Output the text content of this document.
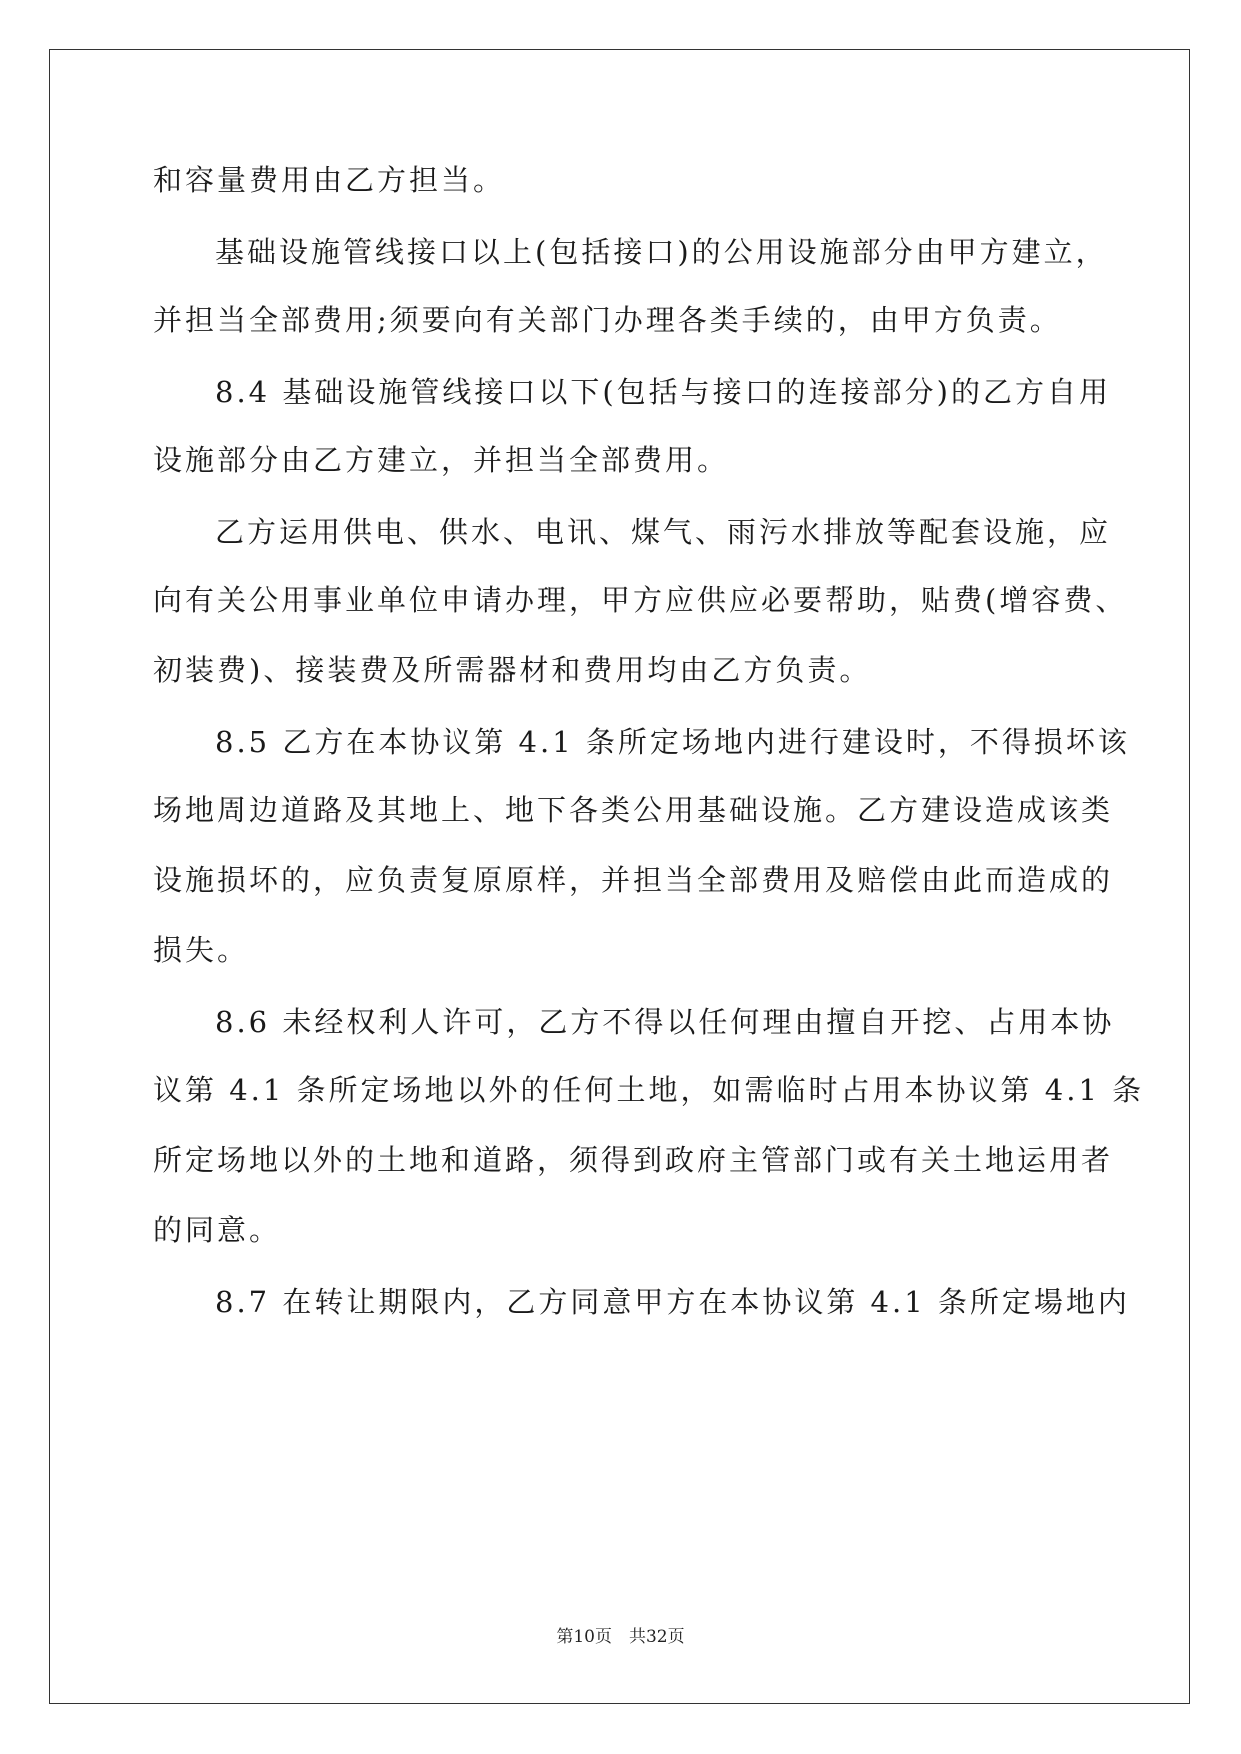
和容量费用由乙方担当。
基础设施管线接口以上(包括接口)的公用设施部分由甲方建立，
并担当全部费用;须要向有关部门办理各类手续的，由甲方负责。
8.4 基础设施管线接口以下(包括与接口的连接部分)的乙方自用
设施部分由乙方建立，并担当全部费用。
乙方运用供电、供水、电讯、煤气、雨污水排放等配套设施，应
向有关公用事业单位申请办理，甲方应供应必要帮助，贴费(增容费、
初装费)、接装费及所需器材和费用均由乙方负责。
8.5 乙方在本协议第 4.1 条所定场地内进行建设时，不得损坏该
场地周边道路及其地上、地下各类公用基础设施。乙方建设造成该类
设施损坏的，应负责复原原样，并担当全部费用及赔偿由此而造成的
损失。
8.6 未经权利人许可，乙方不得以任何理由擅自开挖、占用本协
议第 4.1 条所定场地以外的任何土地，如需临时占用本协议第 4.1 条
所定场地以外的土地和道路，须得到政府主管部门或有关土地运用者
的同意。
8.7 在转让期限内，乙方同意甲方在本协议第 4.1 条所定場地内
第10页　共32页
